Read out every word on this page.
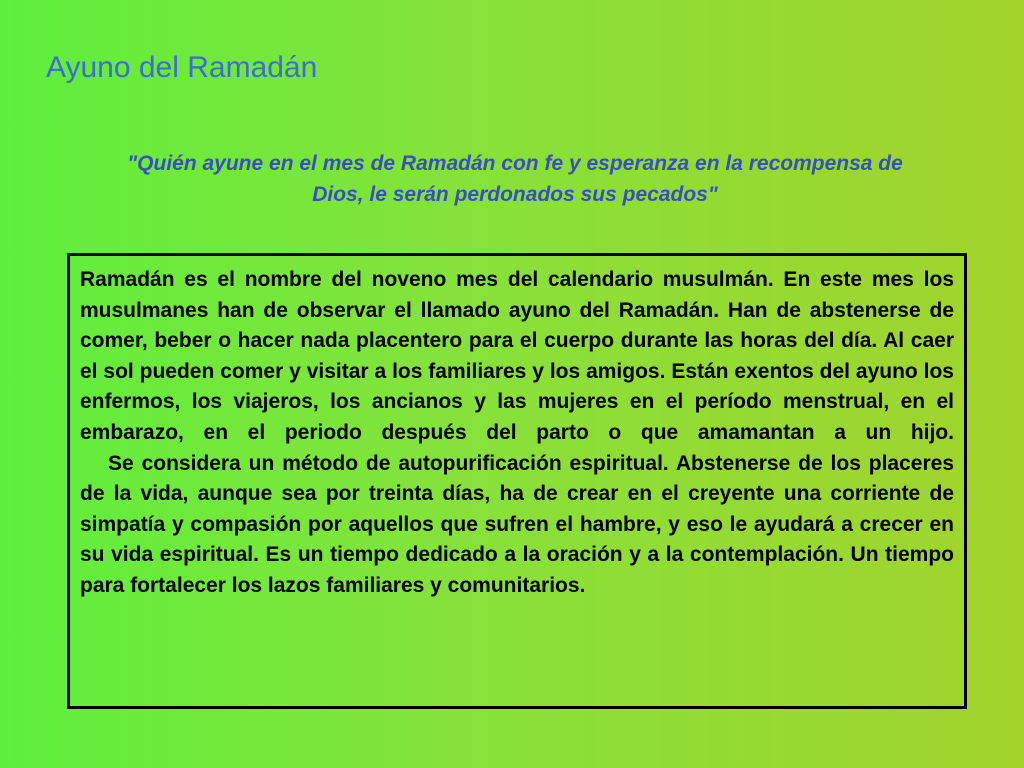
Ayuno del Ramadán

"Quién ayune en el mes de Ramadán con fe y esperanza en la recompensa de Dios, le serán perdonados sus pecados"

Ramadán es el nombre del noveno mes del calendario musulmán. En este mes los musulmanes han de observar el llamado ayuno del Ramadán. Han de abstenerse de comer, beber o hacer nada placentero para el cuerpo durante las horas del día. Al caer el sol pueden comer y visitar a los familiares y los amigos. Están exentos del ayuno los enfermos, los viajeros, los ancianos y las mujeres en el período menstrual, en el embarazo, en el periodo después del parto o que amamantan a un hijo.

Se considera un método de autopurificación espiritual. Abstenerse de los placeres de la vida, aunque sea por treinta días, ha de crear en el creyente una corriente de simpatía y compasión por aquellos que sufren el hambre, y eso le ayudará a crecer en su vida espiritual. Es un tiempo dedicado a la oración y a la contemplación. Un tiempo para fortalecer los lazos familiares y comunitarios.
